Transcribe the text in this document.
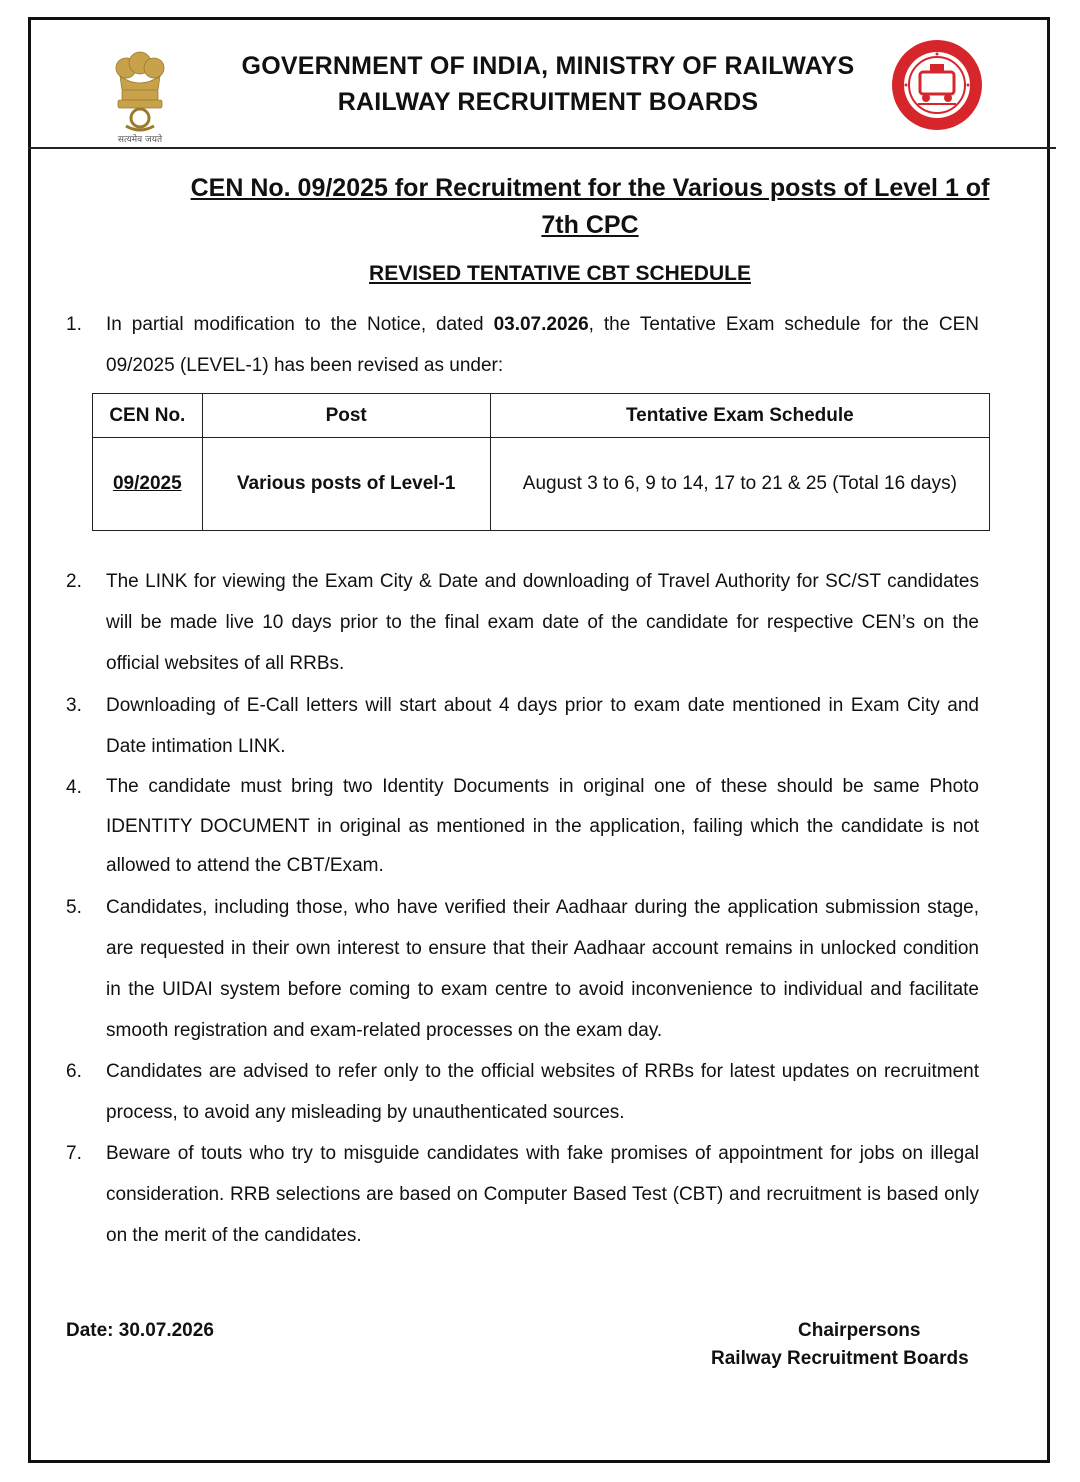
सत्यमेव जयते
GOVERNMENT OF INDIA, MINISTRY OF RAILWAYS
RAILWAY RECRUITMENT BOARDS
CEN No. 09/2025 for Recruitment for the Various posts of Level 1 of 7th CPC
REVISED TENTATIVE CBT SCHEDULE
1. In partial modification to the Notice, dated 03.07.2026, the Tentative Exam schedule for the CEN 09/2025 (LEVEL-1) has been revised as under:
CEN No.	Post	Tentative Exam Schedule
09/2025	Various posts of Level-1	August 3 to 6, 9 to 14, 17 to 21 & 25 (Total 16 days)
2. The LINK for viewing the Exam City & Date and downloading of Travel Authority for SC/ST candidates will be made live 10 days prior to the final exam date of the candidate for respective CEN’s on the official websites of all RRBs.
3. Downloading of E-Call letters will start about 4 days prior to exam date mentioned in Exam City and Date intimation LINK.
4. The candidate must bring two Identity Documents in original one of these should be same Photo IDENTITY DOCUMENT in original as mentioned in the application, failing which the candidate is not allowed to attend the CBT/Exam.
5. Candidates, including those, who have verified their Aadhaar during the application submission stage, are requested in their own interest to ensure that their Aadhaar account remains in unlocked condition in the UIDAI system before coming to exam centre to avoid inconvenience to individual and facilitate smooth registration and exam-related processes on the exam day.
6. Candidates are advised to refer only to the official websites of RRBs for latest updates on recruitment process, to avoid any misleading by unauthenticated sources.
7. Beware of touts who try to misguide candidates with fake promises of appointment for jobs on illegal consideration. RRB selections are based on Computer Based Test (CBT) and recruitment is based only on the merit of the candidates.
Date: 30.07.2026	Chairpersons
Railway Recruitment Boards
